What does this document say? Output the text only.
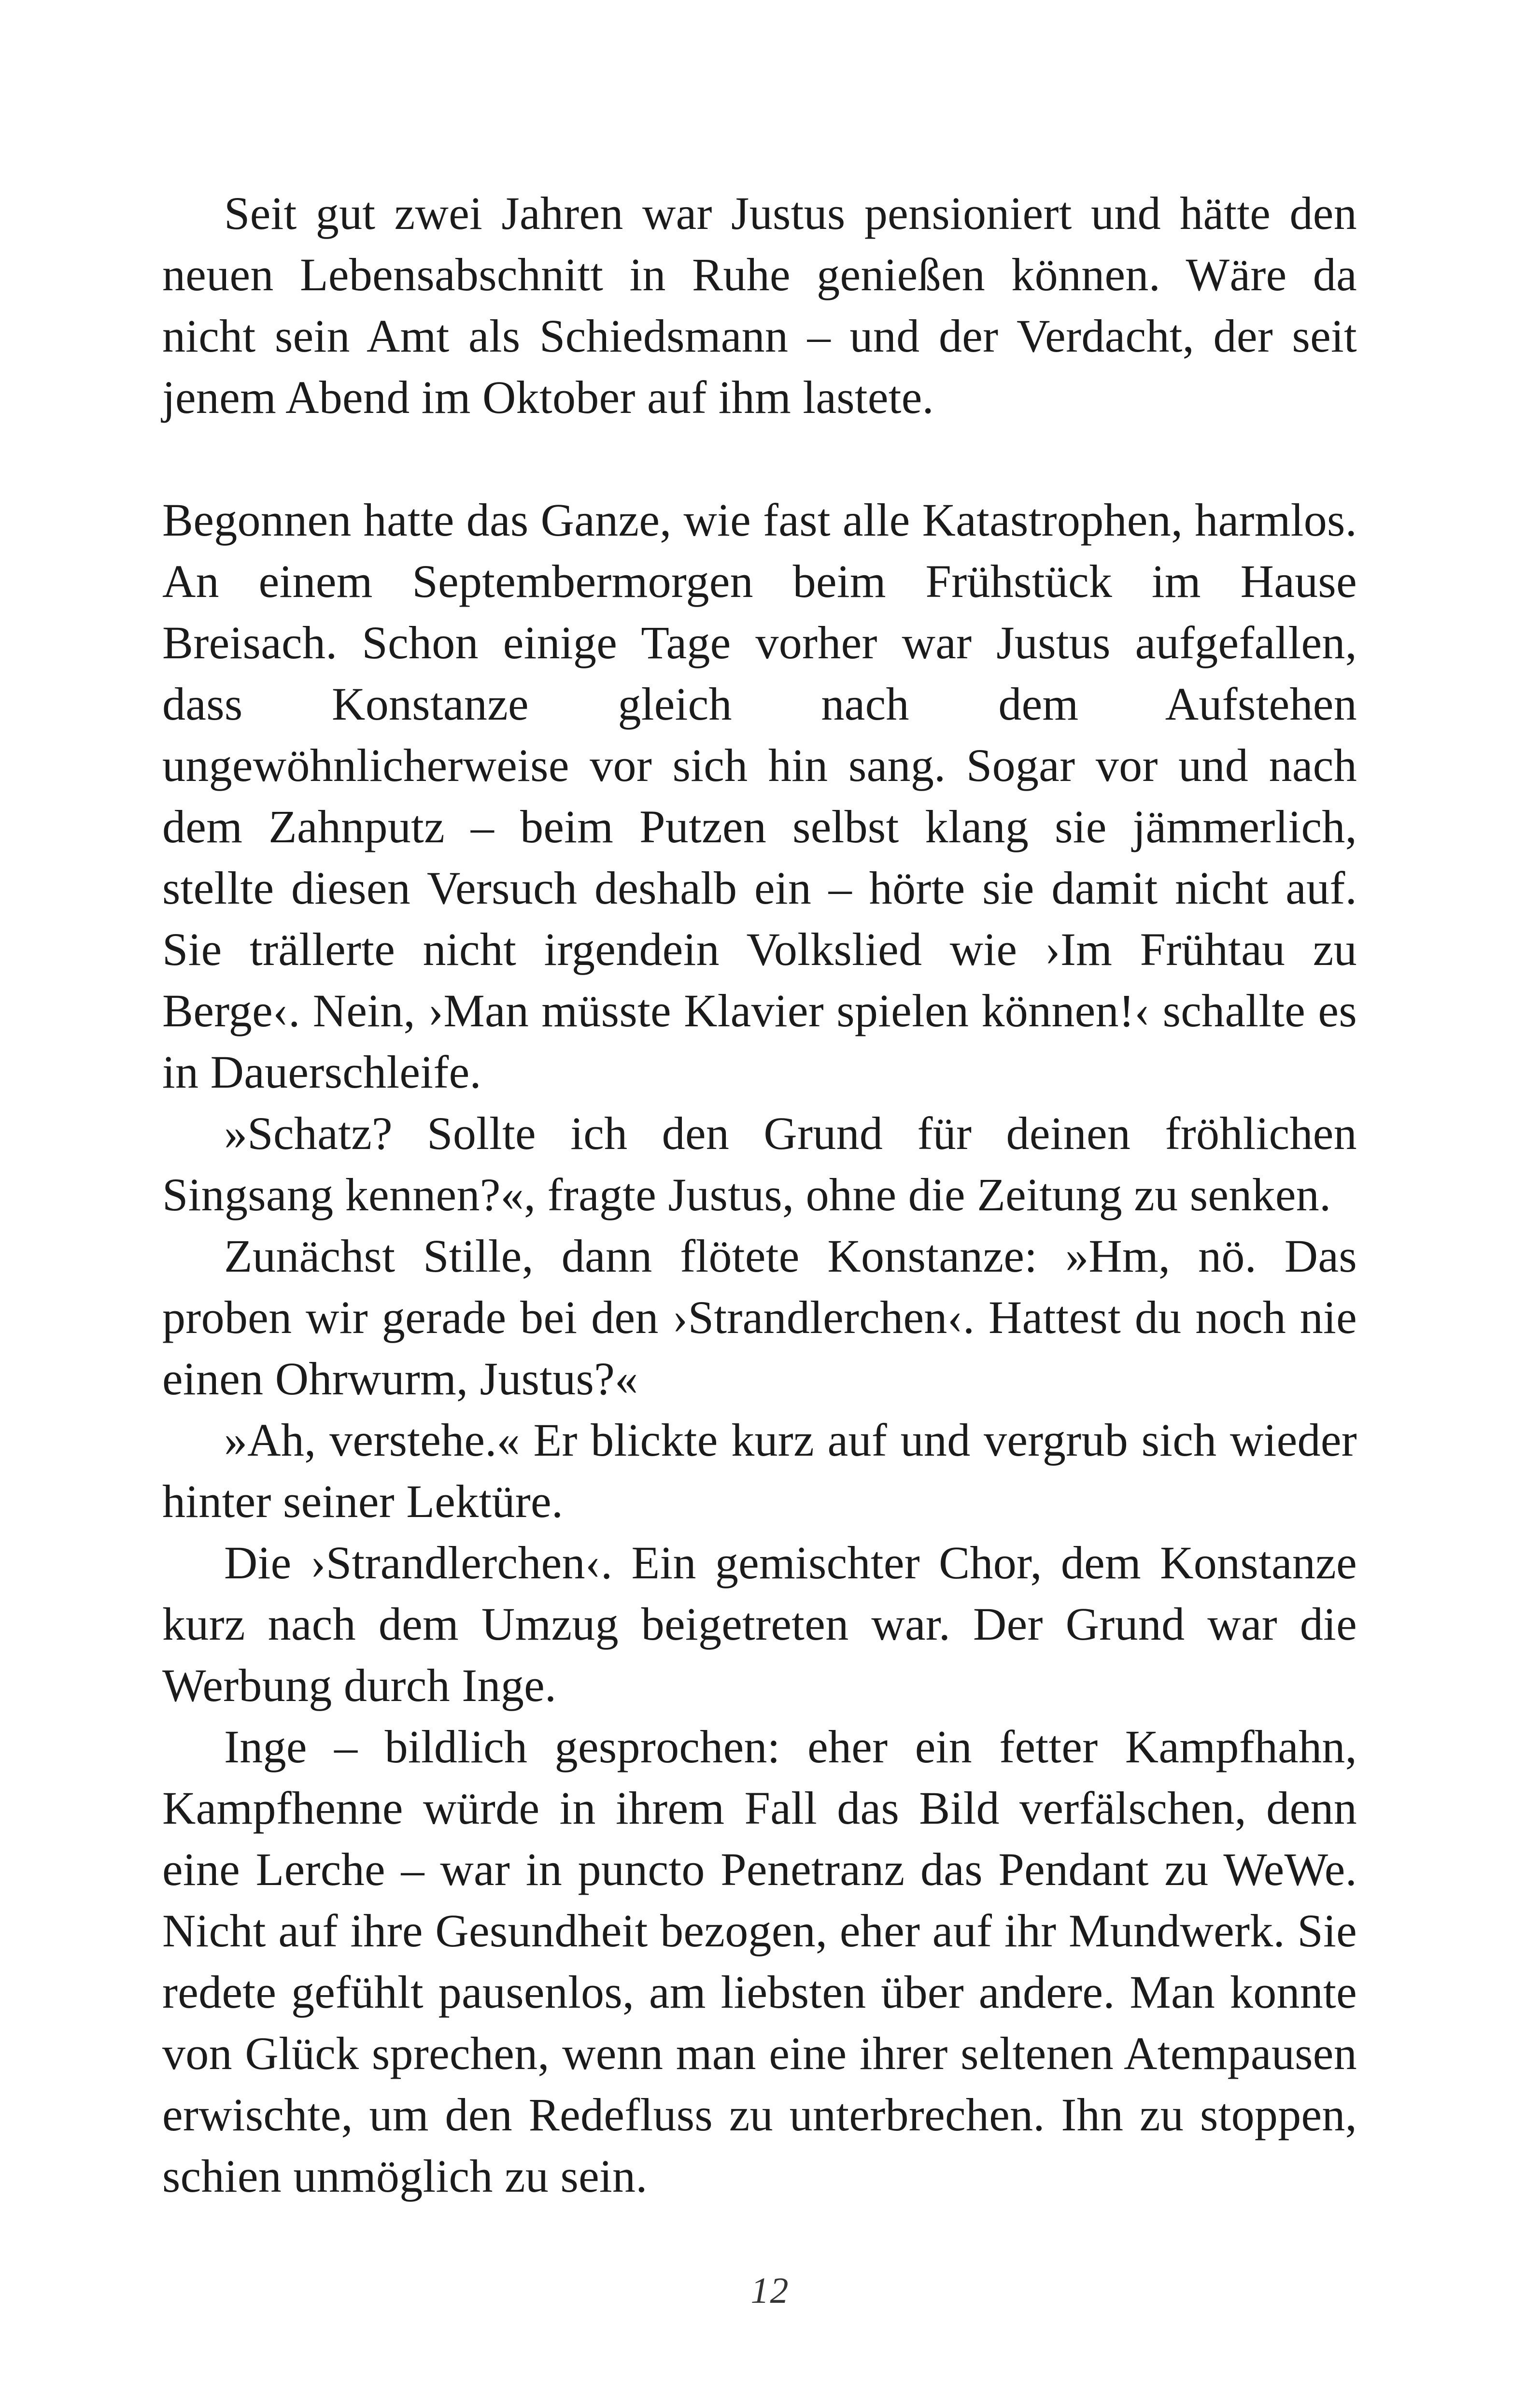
Seit gut zwei Jahren war Justus pensioniert und hätte den neuen Lebensabschnitt in Ruhe genießen können. Wäre da nicht sein Amt als Schiedsmann – und der Verdacht, der seit jenem Abend im Oktober auf ihm lastete.

Begonnen hatte das Ganze, wie fast alle Katastrophen, harmlos. An einem Septembermorgen beim Frühstück im Hause Breisach. Schon einige Tage vorher war Justus aufgefallen, dass Konstanze gleich nach dem Aufstehen ungewöhnlicherweise vor sich hin sang. Sogar vor und nach dem Zahnputz – beim Putzen selbst klang sie jämmerlich, stellte diesen Versuch deshalb ein – hörte sie damit nicht auf. Sie trällerte nicht irgendein Volkslied wie ›Im Frühtau zu Berge‹. Nein, ›Man müsste Klavier spielen können!‹ schallte es in Dauerschleife.

»Schatz? Sollte ich den Grund für deinen fröhlichen Singsang kennen?«, fragte Justus, ohne die Zeitung zu senken.

Zunächst Stille, dann flötete Konstanze: »Hm, nö. Das proben wir gerade bei den ›Strandlerchen‹. Hattest du noch nie einen Ohrwurm, Justus?«

»Ah, verstehe.« Er blickte kurz auf und vergrub sich wieder hinter seiner Lektüre.

Die ›Strandlerchen‹. Ein gemischter Chor, dem Konstanze kurz nach dem Umzug beigetreten war. Der Grund war die Werbung durch Inge.

Inge – bildlich gesprochen: eher ein fetter Kampfhahn, Kampfhenne würde in ihrem Fall das Bild verfälschen, denn eine Lerche – war in puncto Penetranz das Pendant zu WeWe. Nicht auf ihre Gesundheit bezogen, eher auf ihr Mundwerk. Sie redete gefühlt pausenlos, am liebsten über andere. Man konnte von Glück sprechen, wenn man eine ihrer seltenen Atempausen erwischte, um den Redefluss zu unterbrechen. Ihn zu stoppen, schien unmöglich zu sein.

12
